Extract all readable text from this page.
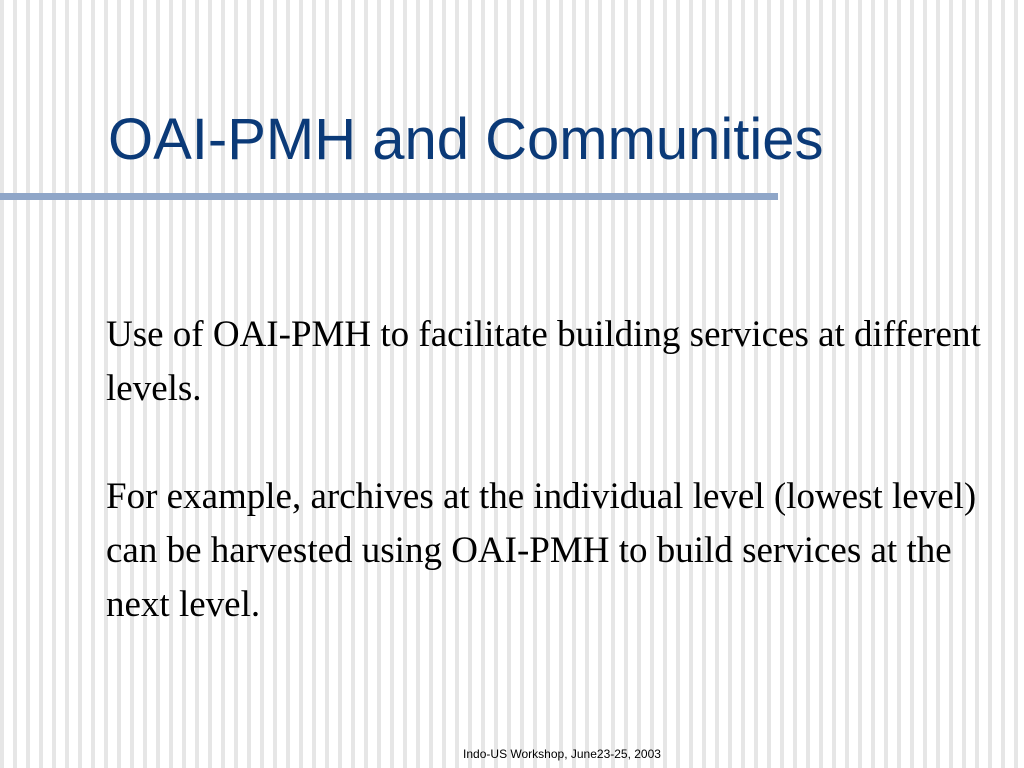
OAI-PMH and Communities

Use of OAI-PMH to facilitate building services at different levels.

For example, archives at the individual level (lowest level) can be harvested using OAI-PMH to build services at the next level.

Indo-US Workshop, June23-25, 2003
